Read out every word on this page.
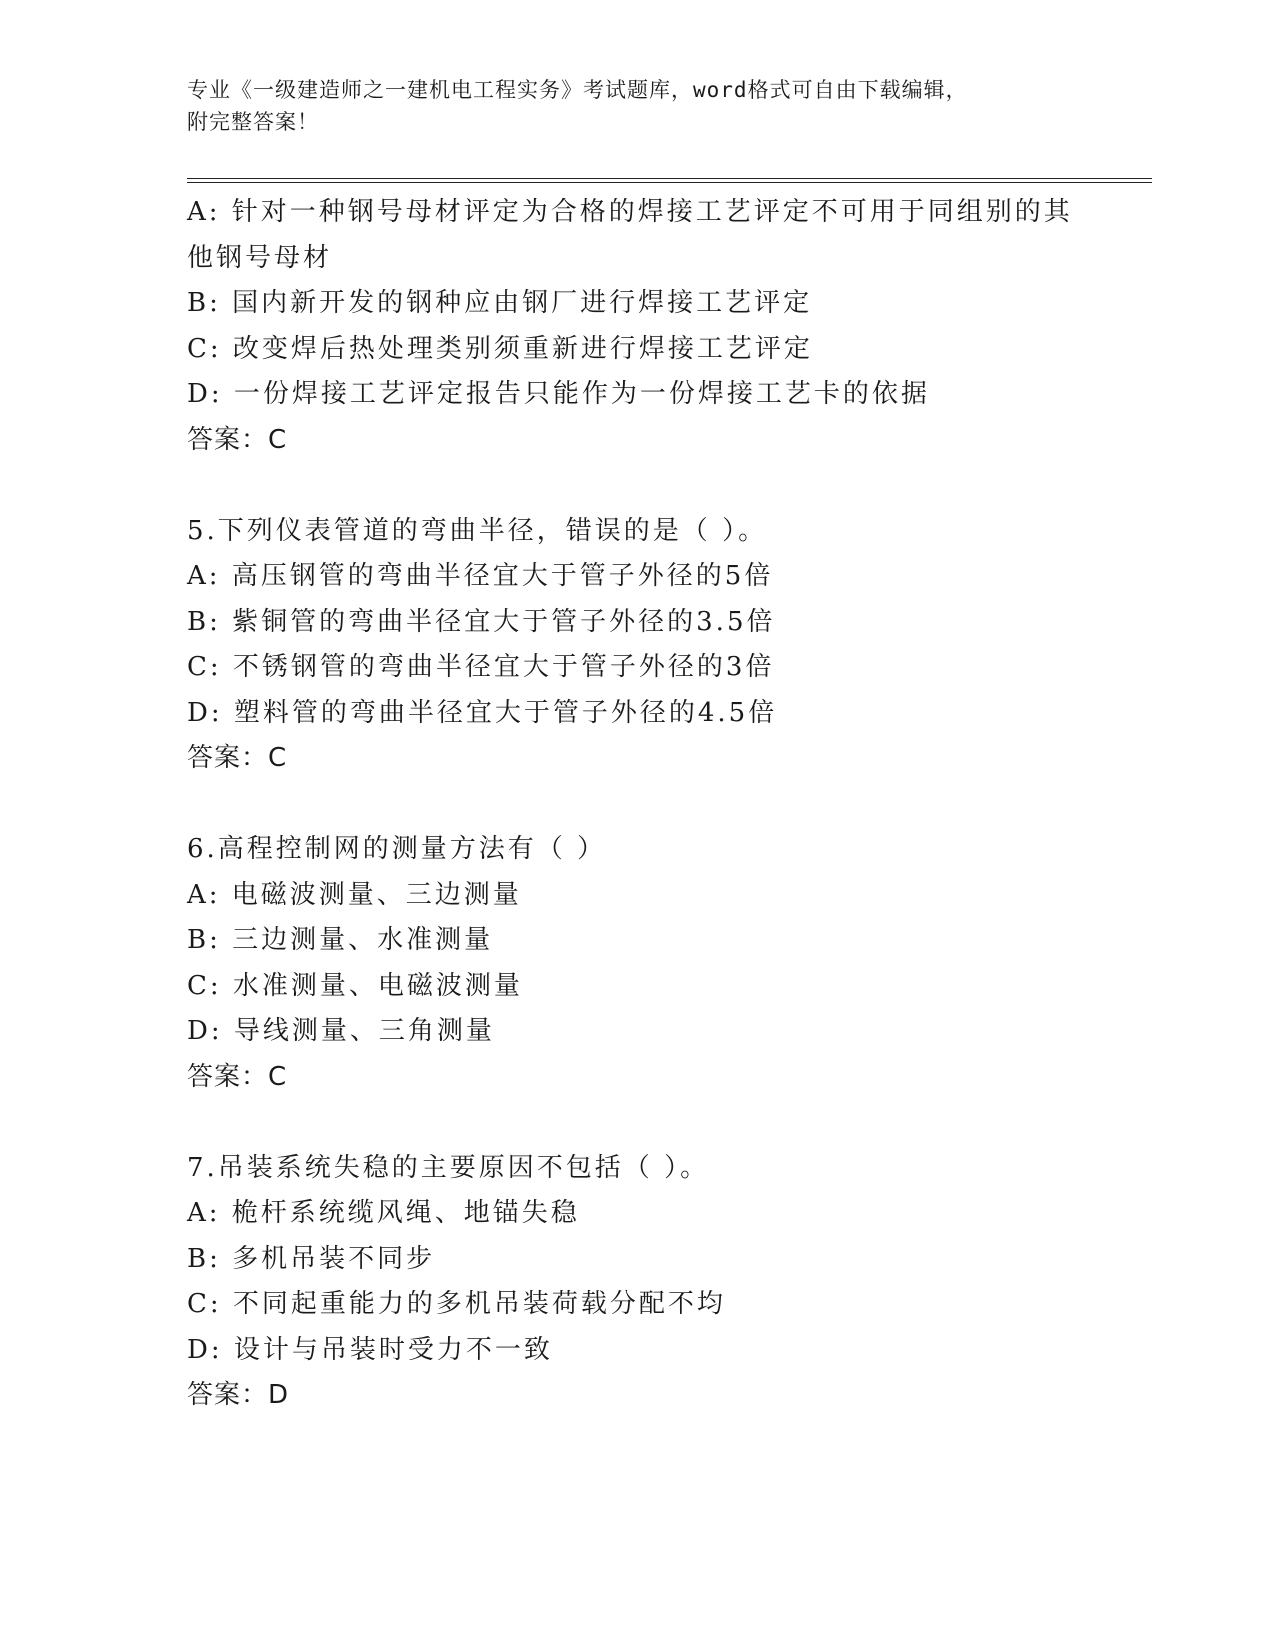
专业《一级建造师之一建机电工程实务》考试题库，word格式可自由下载编辑，
附完整答案！
A: 针对一种钢号母材评定为合格的焊接工艺评定不可用于同组别的其
他钢号母材
B: 国内新开发的钢种应由钢厂进行焊接工艺评定
C: 改变焊后热处理类别须重新进行焊接工艺评定
D: 一份焊接工艺评定报告只能作为一份焊接工艺卡的依据
答案：C
5.下列仪表管道的弯曲半径，错误的是（ ）。
A: 高压钢管的弯曲半径宜大于管子外径的5倍
B: 紫铜管的弯曲半径宜大于管子外径的3.5倍
C: 不锈钢管的弯曲半径宜大于管子外径的3倍
D: 塑料管的弯曲半径宜大于管子外径的4.5倍
答案：C
6.高程控制网的测量方法有（ ）
A: 电磁波测量、三边测量
B: 三边测量、水准测量
C: 水准测量、电磁波测量
D: 导线测量、三角测量
答案：C
7.吊装系统失稳的主要原因不包括（ ）。
A: 桅杆系统缆风绳、地锚失稳
B: 多机吊装不同步
C: 不同起重能力的多机吊装荷载分配不均
D: 设计与吊装时受力不一致
答案：D
